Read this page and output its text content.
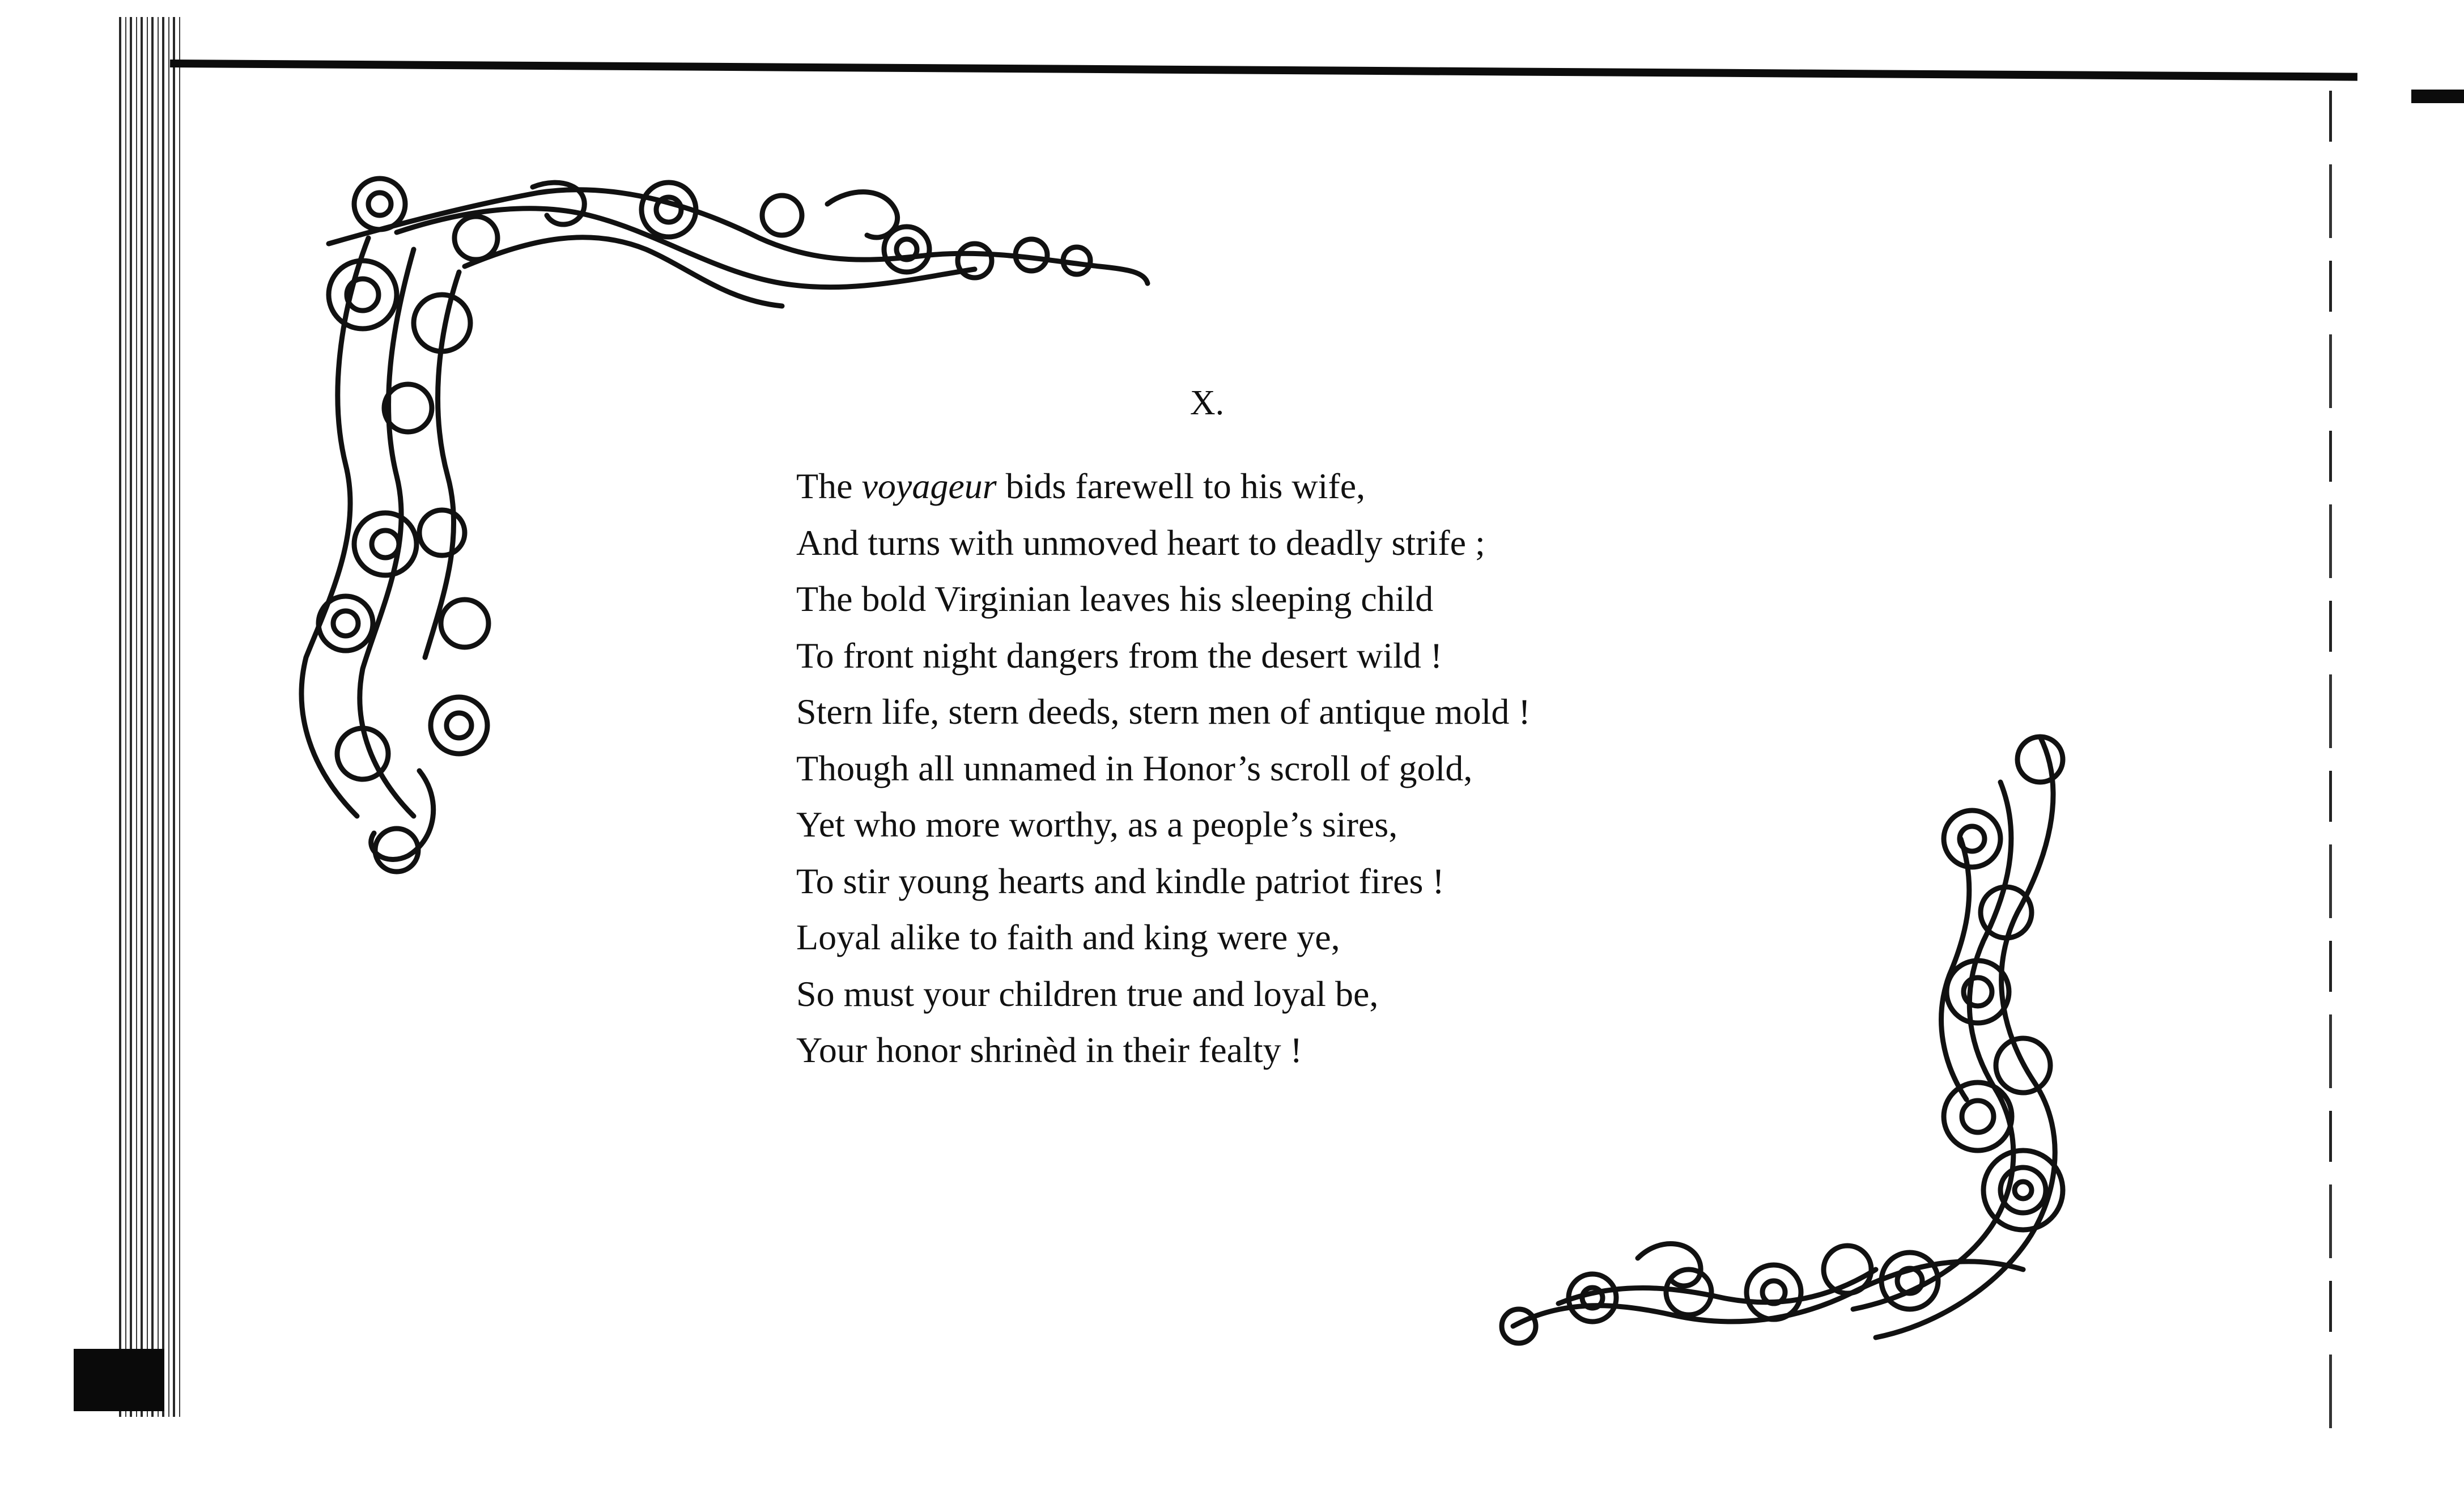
X.
The voyageur bids farewell to his wife,
And turns with unmoved heart to deadly strife ;
The bold Virginian leaves his sleeping child
To front night dangers from the desert wild !
Stern life, stern deeds, stern men of antique mold !
Though all unnamed in Honor’s scroll of gold,
Yet who more worthy, as a people’s sires,
To stir young hearts and kindle patriot fires !
Loyal alike to faith and king were ye,
So must your children true and loyal be,
Your honor shrinèd in their fealty !
